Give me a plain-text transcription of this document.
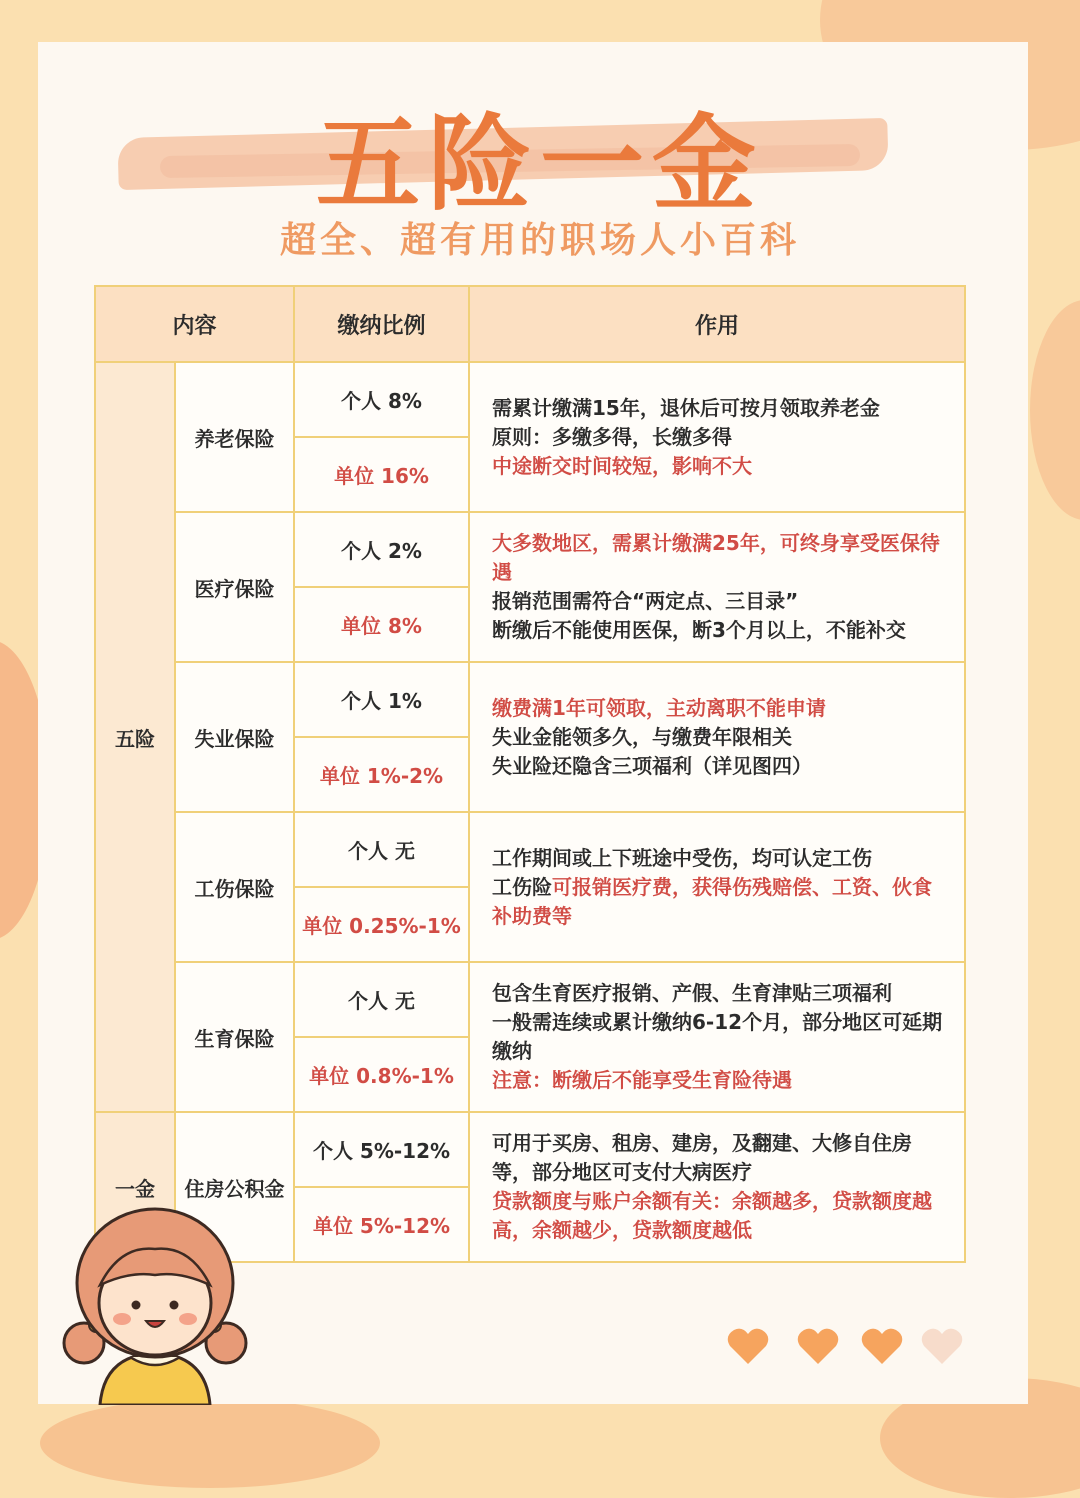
五险一金
超全、超有用的职场人小百科
内容		缴纳比例	作用
五险	养老保险	个人 8%	需累计缴满15年，退休后可按月领取养老金
原则：多缴多得，长缴多得
中途断交时间较短，影响不大

		单位 16%	
	医疗保险	个人 2%	大多数地区，需累计缴满25年，可终身享受医保待遇
报销范围需符合“两定点、三目录”
断缴后不能使用医保，断3个月以上，不能补交

		单位 8%	
	失业保险	个人 1%	缴费满1年可领取，主动离职不能申请
失业金能领多久，与缴费年限相关
失业险还隐含三项福利（详见图四）

		单位 1%-2%	
	工伤保险	个人 无	工作期间或上下班途中受伤，均可认定工伤
工伤险可报销医疗费，获得伤残赔偿、工资、伙食补助费等

		单位 0.25%-1%	
	生育保险	个人 无	包含生育医疗报销、产假、生育津贴三项福利
一般需连续或累计缴纳6-12个月，部分地区可延期缴纳
注意：断缴后不能享受生育险待遇

		单位 0.8%-1%	
一金	住房公积金	个人 5%-12%	可用于买房、租房、建房，及翻建、大修自住房等，部分地区可支付大病医疗
贷款额度与账户余额有关：余额越多，贷款额度越高，余额越少，贷款额度越低

		单位 5%-12%	
